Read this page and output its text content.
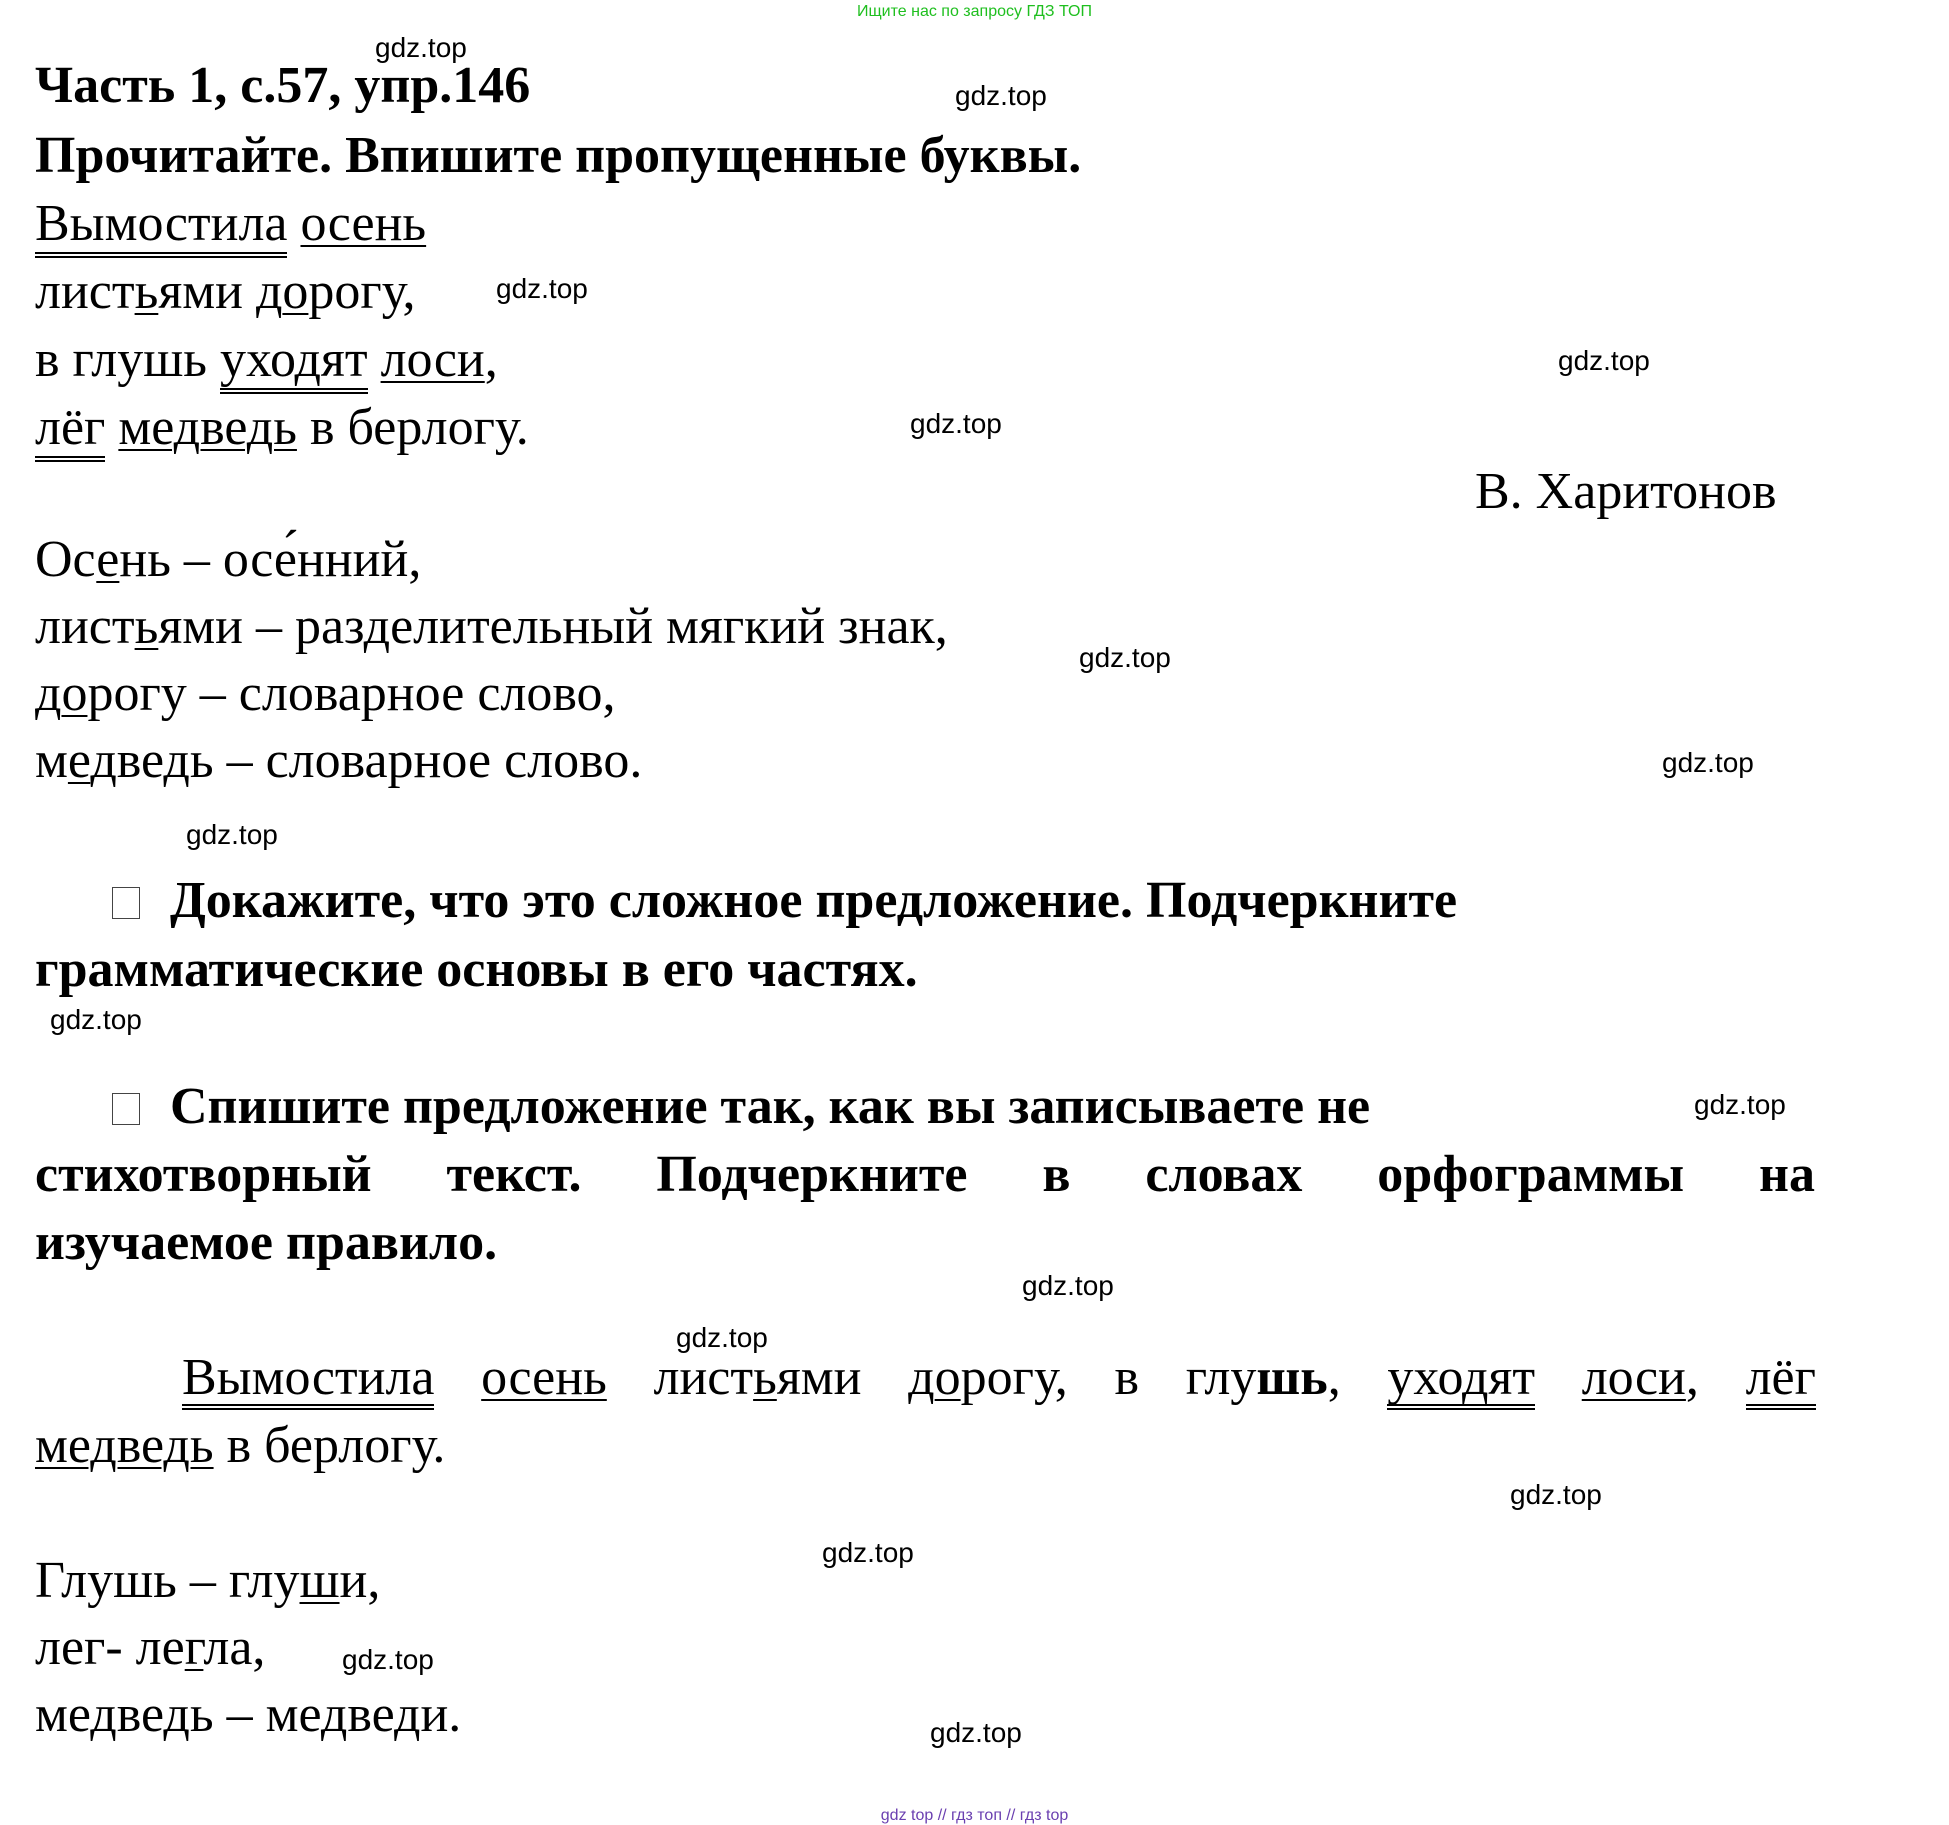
Ищите нас по запросу ГДЗ ТОП
Часть 1, с.57, упр.146
Прочитайте. Впишите пропущенные буквы.
Вымостила осень
листьями дорогу,
в глушь уходят лоси,
лёг медведь в берлогу.
В. Харитонов
Осень – осе́нний,
листьями – разделительный мягкий знак,
дорогу – словарное слово,
медведь – словарное слово.
Докажите, что это сложное предложение. Подчеркните
грамматические основы в его частях.
Спишите предложение так, как вы записываете не
стихотворный текст. Подчеркните в словах орфограммы на
изучаемое правило.
Вымостила осень листьями дорогу, в глушь, уходят лоси, лёг
медведь в берлогу.
Глушь – глуши,
лег- легла,
медведь – медведи.
gdz.top
gdz.top
gdz.top
gdz.top
gdz.top
gdz.top
gdz.top
gdz.top
gdz.top
gdz.top
gdz.top
gdz.top
gdz.top
gdz.top
gdz.top
gdz.top
gdz top // гдз топ // гдз top
